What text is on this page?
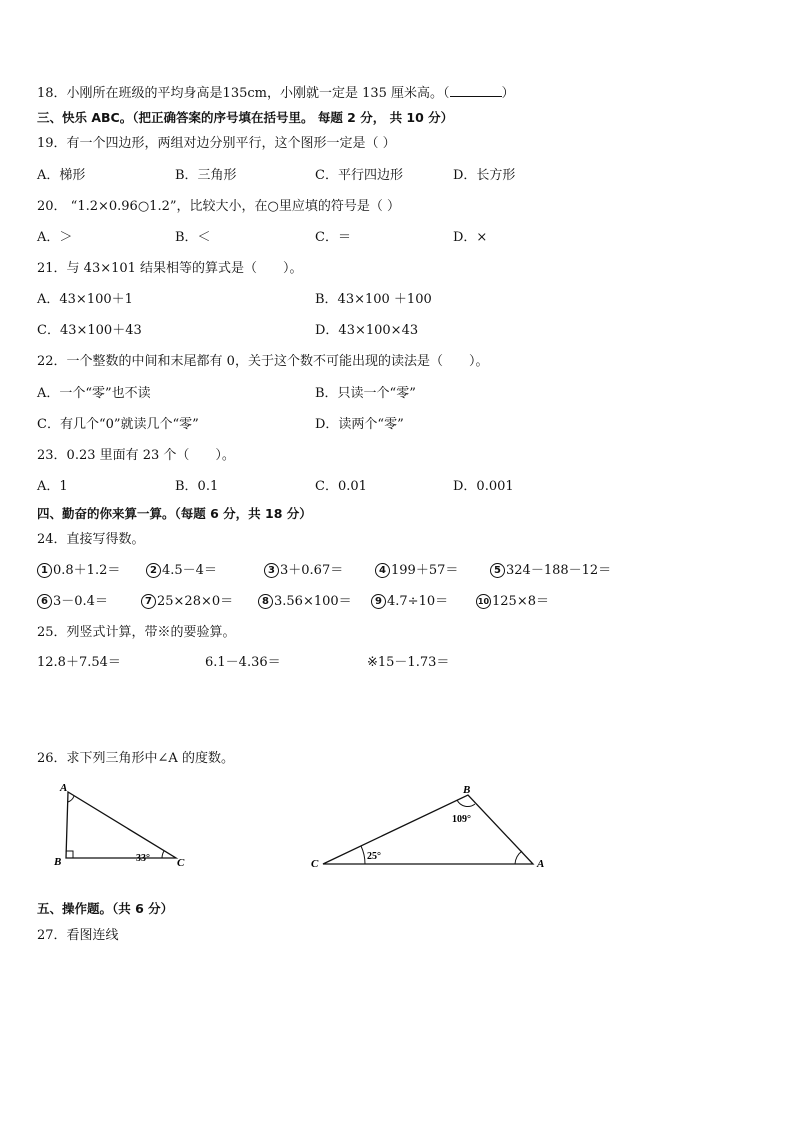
18．小刚所在班级的平均身高是135cm，小刚就一定是 135 厘米高。（	）
三、快乐 ABC。（把正确答案的序号填在括号里。 每题 2 分， 共 10 分）
19．有一个四边形，两组对边分别平行，这个图形一定是（ ）
A．梯形	B．三角形	C．平行四边形	D．长方形
20． “1.2×0.96○1.2”，比较大小，在○里应填的符号是（ ）
A．＞	B．＜	C．＝	D．×
21．与 43×101 结果相等的算式是（　　）。
A．43×100＋1	B．43×100 ＋100
C．43×100＋43	D．43×100×43
22．一个整数的中间和末尾都有 0，关于这个数不可能出现的读法是（　　）。
A．一个“零”也不读	B．只读一个“零”
C．有几个“0”就读几个“零”	D．读两个“零”
23．0.23 里面有 23 个（　　）。
A．1	B．0.1	C．0.01	D．0.001
四、勤奋的你来算一算。（每题 6 分，共 18 分）
24．直接写得数。
1 0.8＋1.2＝	2 4.5－4＝	3 3＋0.67＝	4 199＋57＝	5 324－188－12＝
6 3－0.4＝	7 25×28×0＝	8 3.56×100＝	9 4.7÷10＝	10 125×8＝
25．列竖式计算，带※的要验算。
12.8＋7.54＝	6.1－4.36＝	※15－1.73＝
26．求下列三角形中∠A 的度数。
A
B	C
33°
B
C	A
109°
25°
五、操作题。（共 6 分）
27．看图连线
